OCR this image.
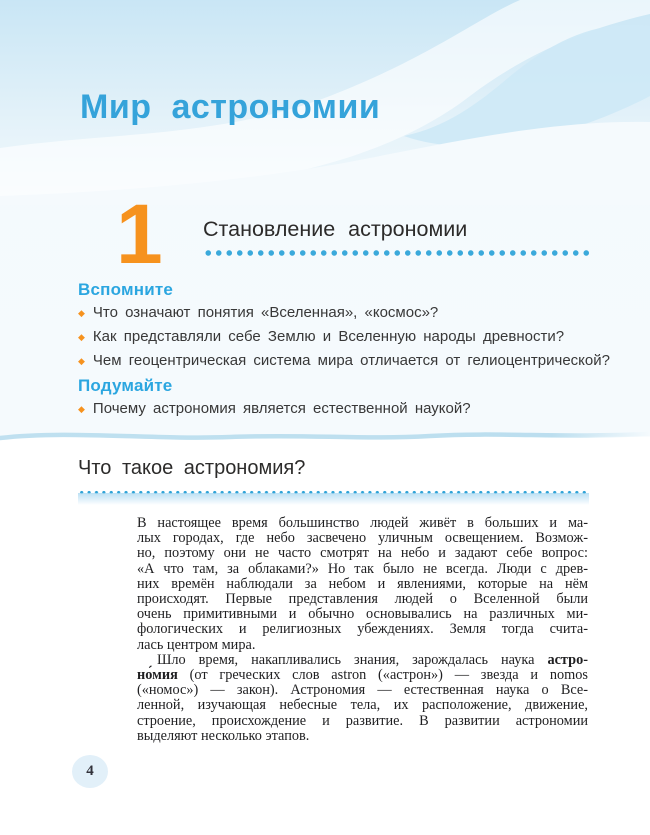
Мир астрономии
1 Становление астрономии
Вспомните
◆ Что означают понятия «Вселенная», «космос»?
◆ Как представляли себе Землю и Вселенную народы древности?
◆ Чем геоцентрическая система мира отличается от гелиоцентрической?
Подумайте
◆ Почему астрономия является естественной наукой?
Что такое астрономия?
В настоящее время большинство людей живёт в больших и ма-
лых городах, где небо засвечено уличным освещением. Возмож-
но, поэтому они не часто смотрят на небо и задают себе вопрос:
«А что там, за облаками?» Но так было не всегда. Люди с древ-
них времён наблюдали за небом и явлениями, которые на нём
происходят. Первые представления людей о Вселенной были
очень примитивными и обычно основывались на различных ми-
фологических и религиозных убеждениях. Земля тогда счита-
лась центром мира.
Шло время, накапливались знания, зарождалась наука астро-
но́мия (от греческих слов astron («астрон») — звезда и nomos
(«номос») — закон). Астрономия — естественная наука о Все-
ленной, изучающая небесные тела, их расположение, движение,
строение, происхождение и развитие. В развитии астрономии
выделяют несколько этапов.
4
